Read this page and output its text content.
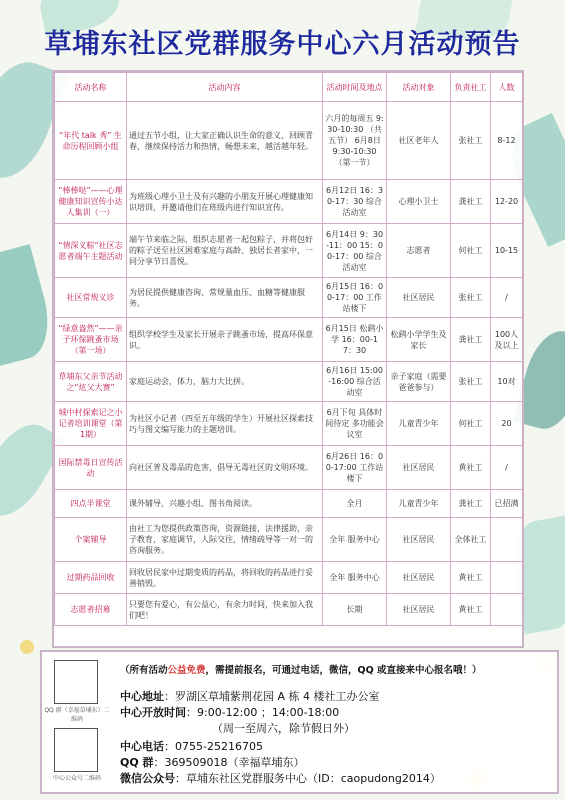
草埔东社区党群服务中心六月活动预告
活动名称	活动内容	活动时间及地点	活动对象	负责社工	人数
“年代 talk 秀” 生命历程回顾小组	通过五节小组，让大家正确认识生命的意义，回顾青春，继续保持活力和热情，畅想未来，越活越年轻。	六月的每周五 9:30-10:30 （共五节） 6月8日 9:30-10:30 （第一节）	社区老年人	张社工	8-12
“棒棒哒”——心理健康知识宣传小达人集训（一）	为班级心理小卫士及有兴趣的小朋友开展心理健康知识培训，并邀请他们在班级内进行知识宣传。	6月12日 16：30-17：30 综合活动室	心理小卫士	龚社工	12-20
“情深义粽”社区志愿者端午主题活动	端午节来临之际，组织志愿者一起包粽子，并将包好的粽子送至社区困难家庭与高龄、独居长者家中，一同分享节日喜悦。	6月14日 9：30-11：00 15：00-17：00 综合活动室	志愿者	何社工	10-15
社区常规义诊	为居民提供健康咨询、常规量血压、血糖等健康服务。	6月15日 16：00-17：00 工作站楼下	社区居民	张社工	/
“绿意盎然”——亲子环保跳蚤市场（第一场）	组织学校学生及家长开展亲子跳蚤市场，提高环保意识。	6月15日 松鹞小学 16：00-17：30	松鹞小学学生及家长	龚社工	100人及以上
草埔东父亲节活动之“炫父大赛”	家庭运动会，体力，脑力大比拼。	6月16日 15:00-16:00 综合活动室	亲子家庭（需要爸爸参与）	张社工	10对
城中村探索记之小记者培训课堂（第1期）	为社区小记者（四至五年级的学生）开展社区探索技巧与图文编写能力的主题培训。	6月下旬 具体时间待定 多功能会议室	儿童青少年	何社工	20
国际禁毒日宣传活动	向社区普及毒品的危害，倡导无毒社区的文明环境。	6月26日 16：00-17:00 工作站楼下	社区居民	黄社工	/
四点半课堂	课外辅导，兴趣小组、图书角阅读。	全月	儿童青少年	龚社工	已招满
个案辅导	由社工为您提供政策咨询，资源链接，法律援助，亲子教育，家庭调节，人际交往，情绪疏导等一对一的咨询服务。	全年 服务中心	社区居民	全体社工	
过期药品回收	回收居民家中过期变质的药品，将回收的药品进行妥善销毁。	全年 服务中心	社区居民	黄社工	
志愿者招募	只要您有爱心，有公益心，有余力时间，快来加入我们吧！	长期	社区居民	黄社工	
QQ 群（幸福草埔东）二维码
中心公众号二维码
（所有活动公益免费，需提前报名，可通过电话，微信，QQ 或直接来中心报名哦！）
中心地址：罗湖区草埔紫荆花园 A 栋 4 楼社工办公室
中心开放时间：9:00-12:00 ；14:00-18:00
（周一至周六，除节假日外）
中心电话：0755-25216705
QQ 群：369509018（幸福草埔东）
微信公众号：草埔东社区党群服务中心（ID：caopudong2014）
